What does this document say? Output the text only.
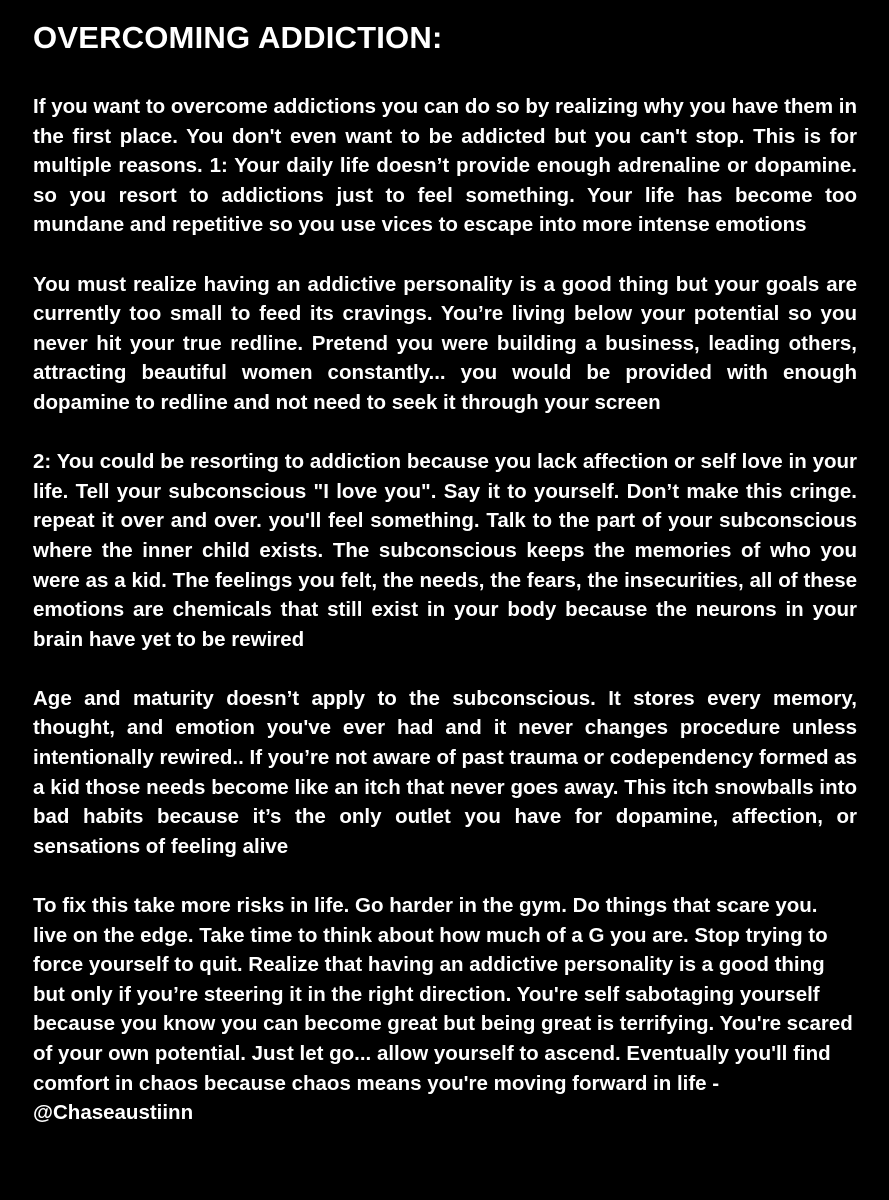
OVERCOMING ADDICTION:

If you want to overcome addictions you can do so by realizing why you have them in the first place. You don't even want to be addicted but you can't stop. This is for multiple reasons. 1: Your daily life doesn’t provide enough adrenaline or dopamine. so you resort to addictions just to feel something. Your life has become too mundane and repetitive so you use vices to escape into more intense emotions

You must realize having an addictive personality is a good thing but your goals are currently too small to feed its cravings. You’re living below your potential so you never hit your true redline. Pretend you were building a business, leading others, attracting beautiful women constantly... you would be provided with enough dopamine to redline and not need to seek it through your screen

2: You could be resorting to addiction because you lack affection or self love in your life. Tell your subconscious "I love you". Say it to yourself. Don’t make this cringe. repeat it over and over. you'll feel something. Talk to the part of your subconscious where the inner child exists. The subconscious keeps the memories of who you were as a kid. The feelings you felt, the needs, the fears, the insecurities, all of these emotions are chemicals that still exist in your body because the neurons in your brain have yet to be rewired

Age and maturity doesn’t apply to the subconscious. It stores every memory, thought, and emotion you've ever had and it never changes procedure unless intentionally rewired.. If you’re not aware of past trauma or codependency formed as a kid those needs become like an itch that never goes away. This itch snowballs into bad habits because it’s the only outlet you have for dopamine, affection, or sensations of feeling alive

To fix this take more risks in life. Go harder in the gym. Do things that scare you. live on the edge. Take time to think about how much of a G you are. Stop trying to force yourself to quit. Realize that having an addictive personality is a good thing but only if you’re steering it in the right direction. You're self sabotaging yourself because you know you can become great but being great is terrifying. You're scared of your own potential. Just let go... allow yourself to ascend. Eventually you'll find comfort in chaos because chaos means you're moving forward in life - @Chaseaustiinn
